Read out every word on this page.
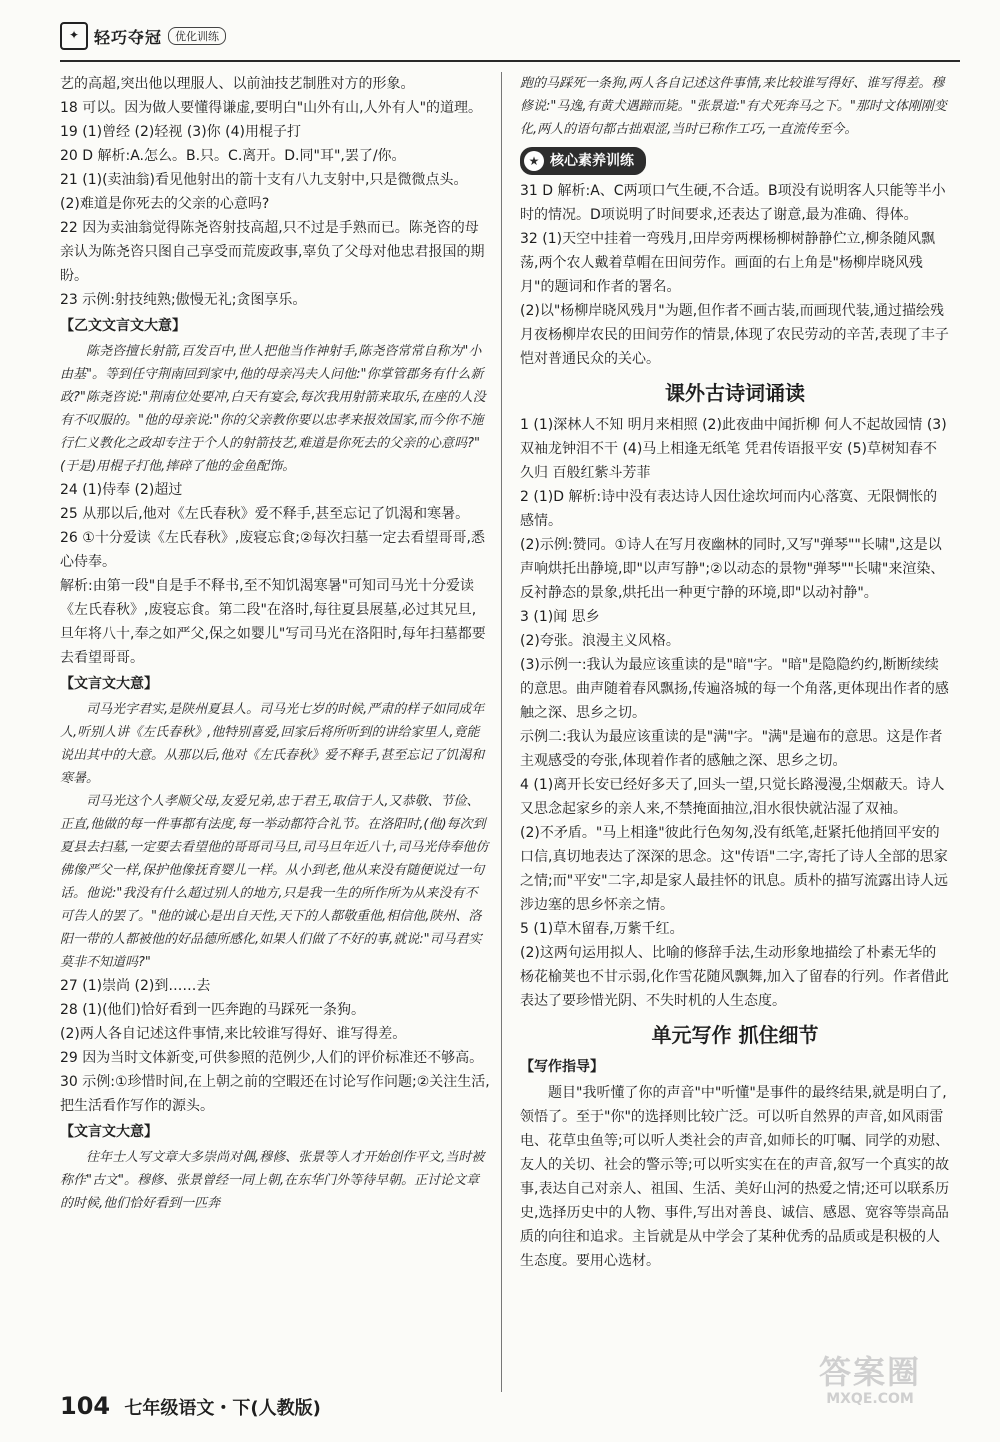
✦ 轻巧夺冠	优化训练

艺的高超,突出他以理服人、以前油技艺制胜对方的形象。

18 可以。因为做人要懂得谦虚,要明白"山外有山,人外有人"的道理。

19 (1)曾经 (2)轻视 (3)你 (4)用棍子打

20 D 解析:A.怎么。B.只。C.离开。D.同"耳",罢了/你。

21 (1)(卖油翁)看见他射出的箭十支有八九支射中,只是微微点头。
(2)难道是你死去的父亲的心意吗?

22 因为卖油翁觉得陈尧咨射技高超,只不过是手熟而已。陈尧咨的母亲认为陈尧咨只图自己享受而荒废政事,辜负了父母对他忠君报国的期盼。

23 示例:射技纯熟;傲慢无礼;贪图享乐。

【乙文文言文大意】

陈尧咨擅长射箭,百发百中,世人把他当作神射手,陈尧咨常常自称为"小由基"。等到任守荆南回到家中,他的母亲冯夫人问他:"你掌管郡务有什么新政?"陈尧咨说:"荆南位处要冲,白天有宴会,每次我用射箭来取乐,在座的人没有不叹服的。"他的母亲说:"你的父亲教你要以忠孝来报效国家,而今你不施行仁义教化之政却专注于个人的射箭技艺,难道是你死去的父亲的心意吗?"(于是)用棍子打他,摔碎了他的金鱼配饰。

24 (1)侍奉 (2)超过

25 从那以后,他对《左氏春秋》爱不释手,甚至忘记了饥渴和寒暑。

26 ①十分爱读《左氏春秋》,废寝忘食;②每次扫墓一定去看望哥哥,悉心侍奉。

解析:由第一段"自是手不释书,至不知饥渴寒暑"可知司马光十分爱读《左氏春秋》,废寝忘食。第二段"在洛时,每往夏县展墓,必过其兄旦,旦年将八十,奉之如严父,保之如婴儿"写司马光在洛阳时,每年扫墓都要去看望哥哥。

【文言文大意】

司马光字君实,是陕州夏县人。司马光七岁的时候,严肃的样子如同成年人,听别人讲《左氏春秋》,他特别喜爱,回家后将所听到的讲给家里人,竟能说出其中的大意。从那以后,他对《左氏春秋》爱不释手,甚至忘记了饥渴和寒暑。

司马光这个人孝顺父母,友爱兄弟,忠于君王,取信于人,又恭敬、节俭、正直,他做的每一件事都有法度,每一举动都符合礼节。在洛阳时,(他)每次到夏县去扫墓,一定要去看望他的哥哥司马旦,司马旦年近八十,司马光侍奉他仿佛像严父一样,保护他像抚育婴儿一样。从小到老,他从来没有随便说过一句话。他说:"我没有什么超过别人的地方,只是我一生的所作所为从来没有不可告人的罢了。"他的诚心是出自天性,天下的人都敬重他,相信他,陕州、洛阳一带的人都被他的好品德所感化,如果人们做了不好的事,就说:"司马君实莫非不知道吗?"

27 (1)崇尚 (2)到……去

28 (1)(他们)恰好看到一匹奔跑的马踩死一条狗。
(2)两人各自记述这件事情,来比较谁写得好、谁写得差。

29 因为当时文体新变,可供参照的范例少,人们的评价标准还不够高。

30 示例:①珍惜时间,在上朝之前的空暇还在讨论写作问题;②关注生活,把生活看作写作的源头。

【文言文大意】

往年士人写文章大多崇尚对偶,穆修、张景等人才开始创作平文,当时被称作"古文"。穆修、张景曾经一同上朝,在东华门外等待早朝。正讨论文章的时候,他们恰好看到一匹奔

跑的马踩死一条狗,两人各自记述这件事情,来比较谁写得好、谁写得差。穆修说:"马逸,有黄犬遇蹄而毙。"张景道:"有犬死奔马之下。"那时文体刚刚变化,两人的语句都古拙艰涩,当时已称作工巧,一直流传至今。

★ 核心素养训练

31 D 解析:A、C两项口气生硬,不合适。B项没有说明客人只能等半小时的情况。D项说明了时间要求,还表达了谢意,最为准确、得体。

32 (1)天空中挂着一弯残月,田岸旁两棵杨柳树静静伫立,柳条随风飘荡,两个农人戴着草帽在田间劳作。画面的右上角是"杨柳岸晓风残月"的题词和作者的署名。

(2)以"杨柳岸晓风残月"为题,但作者不画古装,而画现代装,通过描绘残月夜杨柳岸农民的田间劳作的情景,体现了农民劳动的辛苦,表现了丰子恺对普通民众的关心。

课外古诗词诵读

1 (1)深林人不知 明月来相照 (2)此夜曲中闻折柳 何人不起故园情 (3)双袖龙钟泪不干 (4)马上相逢无纸笔 凭君传语报平安 (5)草树知春不久归 百般红紫斗芳菲

2 (1)D 解析:诗中没有表达诗人因仕途坎坷而内心落寞、无限惆怅的感情。

(2)示例:赞同。①诗人在写月夜幽林的同时,又写"弹琴""长啸",这是以声响烘托出静境,即"以声写静";②以动态的景物"弹琴""长啸"来渲染、反衬静态的景象,烘托出一种更宁静的环境,即"以动衬静"。

3 (1)闻 思乡

(2)夸张。浪漫主义风格。

(3)示例一:我认为最应该重读的是"暗"字。"暗"是隐隐约约,断断续续的意思。曲声随着春风飘扬,传遍洛城的每一个角落,更体现出作者的感触之深、思乡之切。

示例二:我认为最应该重读的是"满"字。"满"是遍布的意思。这是作者主观感受的夸张,体现着作者的感触之深、思乡之切。

4 (1)离开长安已经好多天了,回头一望,只觉长路漫漫,尘烟蔽天。诗人又思念起家乡的亲人来,不禁掩面抽泣,泪水很快就沾湿了双袖。

(2)不矛盾。"马上相逢"彼此行色匆匆,没有纸笔,赶紧托他捎回平安的口信,真切地表达了深深的思念。这"传语"二字,寄托了诗人全部的思家之情;而"平安"二字,却是家人最挂怀的讯息。质朴的描写流露出诗人远涉边塞的思乡怀亲之情。

5 (1)草木留春,万紫千红。

(2)这两句运用拟人、比喻的修辞手法,生动形象地描绘了朴素无华的杨花榆荚也不甘示弱,化作雪花随风飘舞,加入了留春的行列。作者借此表达了要珍惜光阴、不失时机的人生态度。

单元写作 抓住细节

【写作指导】

题目"我听懂了你的声音"中"听懂"是事件的最终结果,就是明白了,领悟了。至于"你"的选择则比较广泛。可以听自然界的声音,如风雨雷电、花草虫鱼等;可以听人类社会的声音,如师长的叮嘱、同学的劝慰、友人的关切、社会的警示等;可以听实实在在的声音,叙写一个真实的故事,表达自己对亲人、祖国、生活、美好山河的热爱之情;还可以联系历史,选择历史中的人物、事件,写出对善良、诚信、感恩、宽容等崇高品质的向往和追求。主旨就是从中学会了某种优秀的品质或是积极的人生态度。要用心选材。

104 七年级语文・下(人教版)
答案圈
MXQE.COM
